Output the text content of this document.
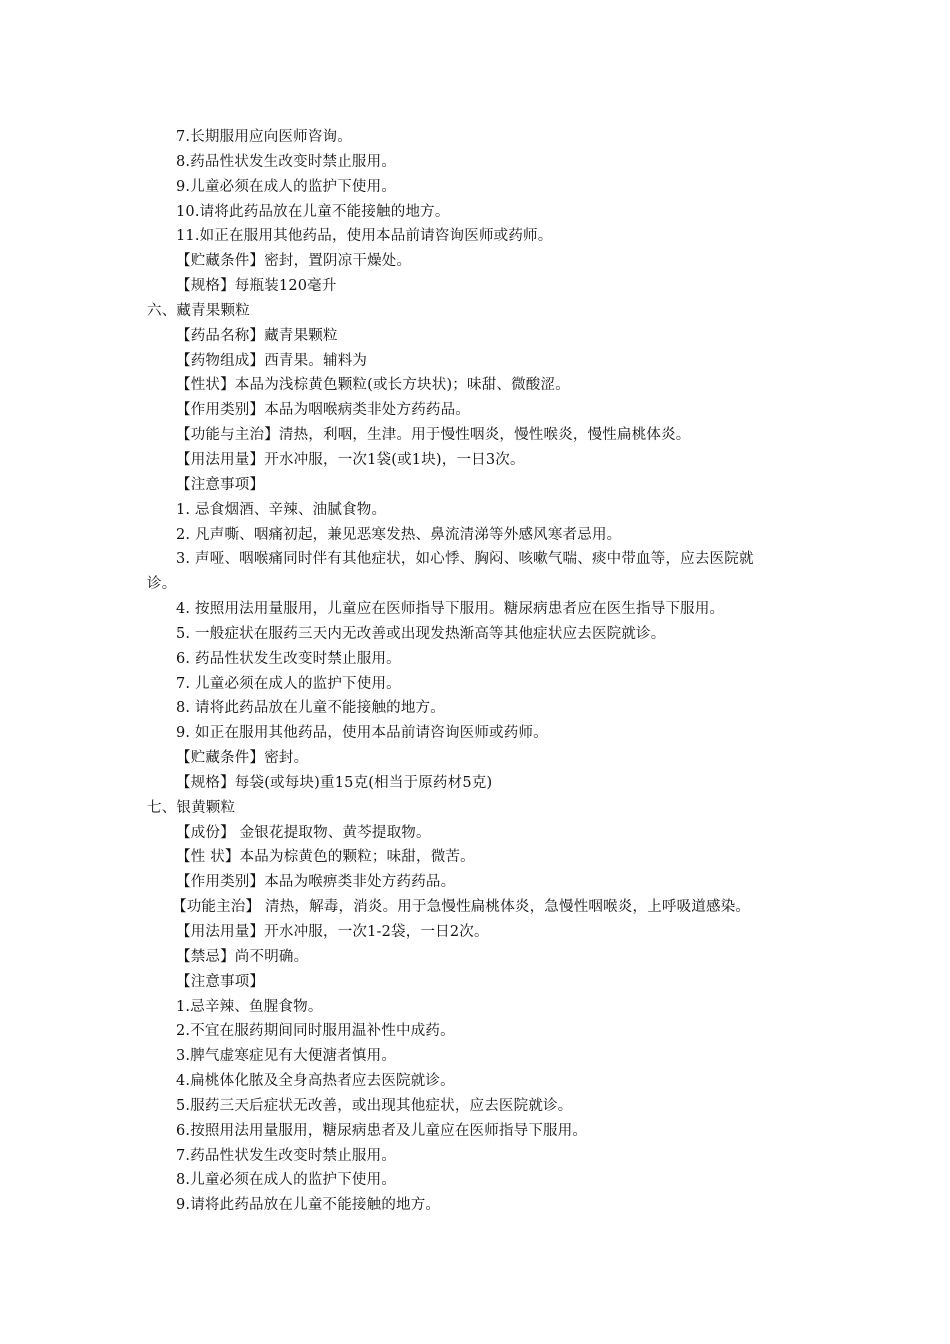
7.长期服用应向医师咨询。
8.药品性状发生改变时禁止服用。
9.儿童必须在成人的监护下使用。
10.请将此药品放在儿童不能接触的地方。
11.如正在服用其他药品，使用本品前请咨询医师或药师。
【贮藏条件】密封，置阴凉干燥处。
【规格】每瓶装120毫升
六、藏青果颗粒
【药品名称】藏青果颗粒
【药物组成】西青果。辅料为
【性状】本品为浅棕黄色颗粒(或长方块状)；味甜、微酸涩。
【作用类别】本品为咽喉病类非处方药药品。
【功能与主治】清热，利咽，生津。用于慢性咽炎，慢性喉炎，慢性扁桃体炎。
【用法用量】开水冲服，一次1袋(或1块)，一日3次。
【注意事项】
1. 忌食烟酒、辛辣、油腻食物。
2. 凡声嘶、咽痛初起，兼见恶寒发热、鼻流清涕等外感风寒者忌用。
3. 声哑、咽喉痛同时伴有其他症状，如心悸、胸闷、咳嗽气喘、痰中带血等，应去医院就
诊。
4. 按照用法用量服用，儿童应在医师指导下服用。糖尿病患者应在医生指导下服用。
5. 一般症状在服药三天内无改善或出现发热渐高等其他症状应去医院就诊。
6. 药品性状发生改变时禁止服用。
7. 儿童必须在成人的监护下使用。
8. 请将此药品放在儿童不能接触的地方。
9. 如正在服用其他药品，使用本品前请咨询医师或药师。
【贮藏条件】密封。
【规格】每袋(或每块)重15克(相当于原药材5克)
七、银黄颗粒
【成份】 金银花提取物、黄芩提取物。
【性 状】本品为棕黄色的颗粒；味甜，微苦。
【作用类别】本品为喉痹类非处方药药品。
【功能主治】 清热，解毒，消炎。用于急慢性扁桃体炎，急慢性咽喉炎，上呼吸道感染。
【用法用量】开水冲服，一次1-2袋，一日2次。
【禁忌】尚不明确。
【注意事项】
1.忌辛辣、鱼腥食物。
2.不宜在服药期间同时服用温补性中成药。
3.脾气虚寒症见有大便溏者慎用。
4.扁桃体化脓及全身高热者应去医院就诊。
5.服药三天后症状无改善，或出现其他症状，应去医院就诊。
6.按照用法用量服用，糖尿病患者及儿童应在医师指导下服用。
7.药品性状发生改变时禁止服用。
8.儿童必须在成人的监护下使用。
9.请将此药品放在儿童不能接触的地方。
